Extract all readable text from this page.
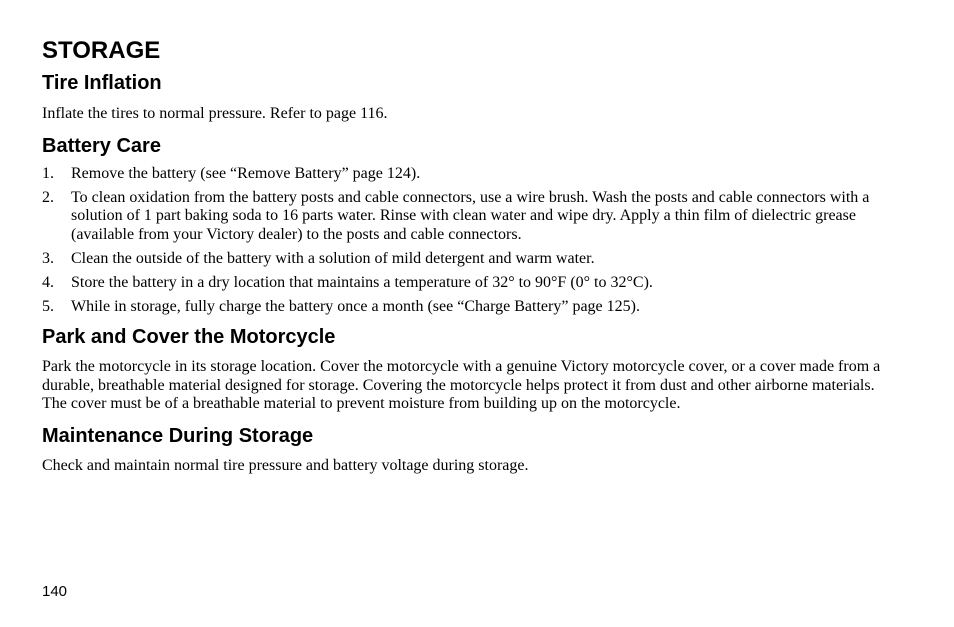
STORAGE
Tire Inflation

Inflate the tires to normal pressure. Refer to page 116.

Battery Care
1.	Remove the battery (see “Remove Battery” page 124).
2.	To clean oxidation from the battery posts and cable connectors, use a wire brush. Wash the posts and cable connectors with a solution of 1 part baking soda to 16 parts water. Rinse with clean water and wipe dry. Apply a thin film of dielectric grease (available from your Victory dealer) to the posts and cable connectors.
3.	Clean the outside of the battery with a solution of mild detergent and warm water.
4.	Store the battery in a dry location that maintains a temperature of 32° to 90°F (0° to 32°C).
5.	While in storage, fully charge the battery once a month (see “Charge Battery” page 125).
Park and Cover the Motorcycle

Park the motorcycle in its storage location. Cover the motorcycle with a genuine Victory motorcycle cover, or a cover made from a durable, breathable material designed for storage. Covering the motorcycle helps protect it from dust and other airborne materials. The cover must be of a breathable material to prevent moisture from building up on the motorcycle.

Maintenance During Storage

Check and maintain normal tire pressure and battery voltage during storage.

140
